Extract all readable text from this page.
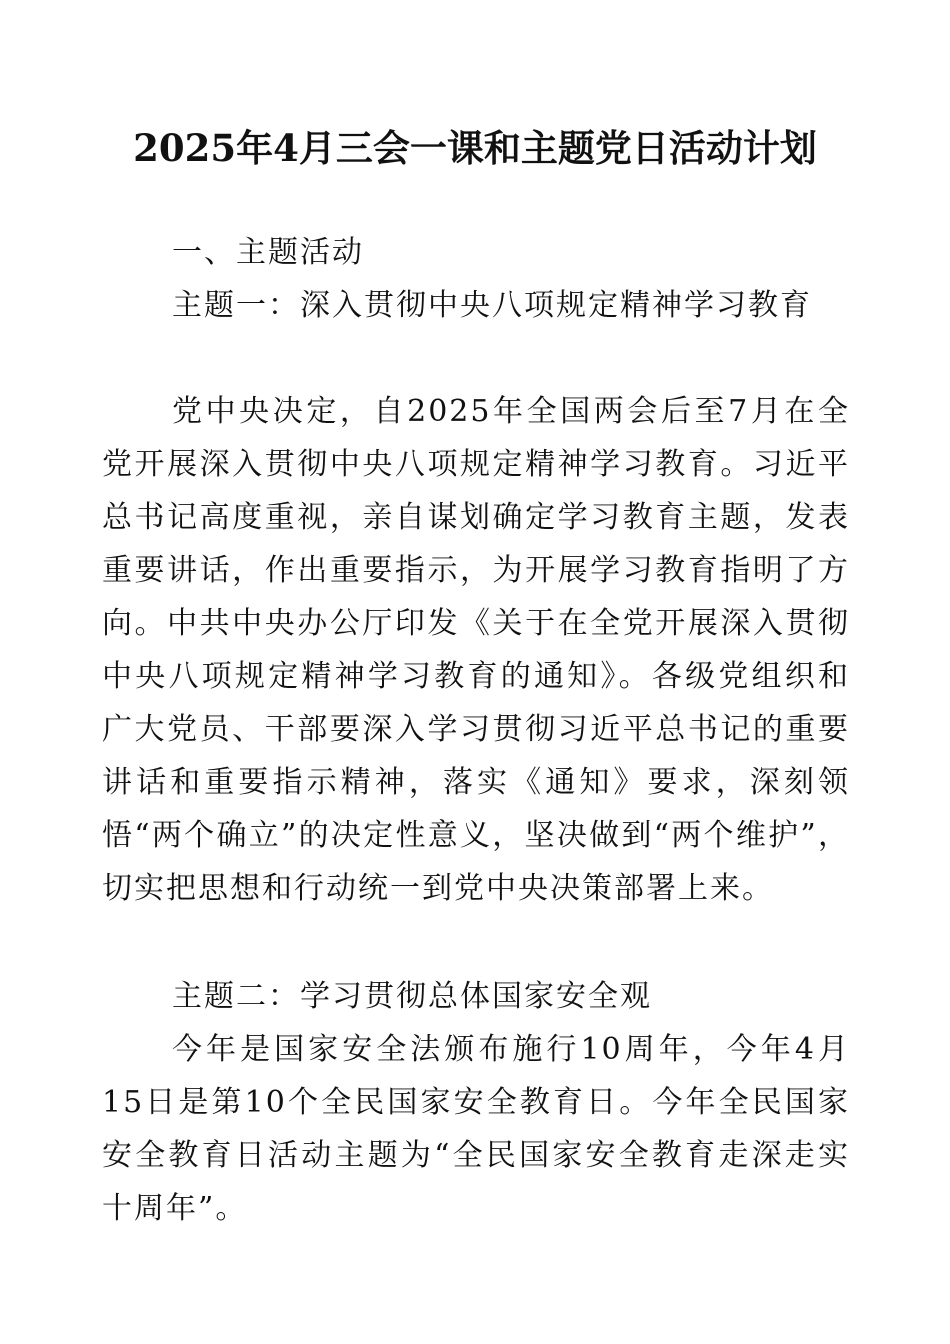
2025年4月三会一课和主题党日活动计划

一、主题活动

主题一：深入贯彻中央八项规定精神学习教育

党中央决定，自2025年全国两会后至7月在全党开展深入贯彻中央八项规定精神学习教育。习近平总书记高度重视，亲自谋划确定学习教育主题，发表重要讲话，作出重要指示，为开展学习教育指明了方向。中共中央办公厅印发《关于在全党开展深入贯彻中央八项规定精神学习教育的通知》。各级党组织和广大党员、干部要深入学习贯彻习近平总书记的重要讲话和重要指示精神，落实《通知》要求，深刻领悟“两个确立”的决定性意义，坚决做到“两个维护”，切实把思想和行动统一到党中央决策部署上来。

主题二：学习贯彻总体国家安全观

今年是国家安全法颁布施行10周年，今年4月15日是第10个全民国家安全教育日。今年全民国家安全教育日活动主题为“全民国家安全教育走深走实十周年”。
